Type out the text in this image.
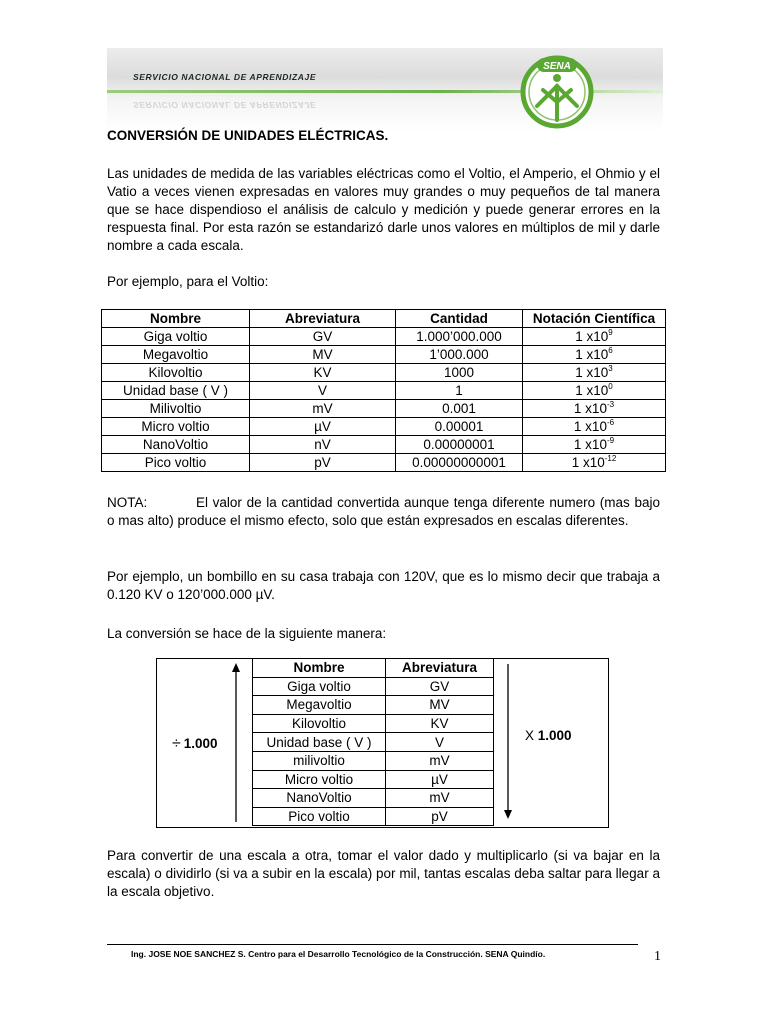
SERVICIO NACIONAL DE APRENDIZAJE
SERVICIO NACIONAL DE APRENDIZAJE
SENA
CONVERSIÓN DE UNIDADES ELÉCTRICAS.
Las unidades de medida de las variables eléctricas como el Voltio, el Amperio, el Ohmio y el Vatio a veces vienen expresadas en valores muy grandes o muy pequeños de tal manera que se hace dispendioso el análisis de calculo y medición y puede generar errores en la respuesta final. Por esta razón se estandarizó darle unos valores en múltiplos de mil y darle nombre a cada escala.
Por ejemplo, para el Voltio:
Nombre	Abreviatura	Cantidad	Notación Científica
Giga voltio	GV	1.000’000.000	1 $x10^9$
Megavoltio	MV	1’000.000	1 $x10^6$
Kilovoltio	KV	1000	1 $x10^3$
Unidad base ( V )	V	1	1 $x10^0$
Milivoltio	mV	0.001	1 $x10^{-3}$
Micro voltio	µV	0.00001	1 $x10^{-6}$
NanoVoltio	nV	0.00000001	1 $x10^{-9}$
Pico voltio	pV	0.00000000001	1 $x10^{-12}$
NOTA:	El valor de la cantidad convertida aunque tenga diferente numero (mas bajo o mas alto) produce el mismo efecto, solo que están expresados en escalas diferentes.
Por ejemplo, un bombillo en su casa trabaja con 120V, que es lo mismo decir que trabaja a 0.120 KV o 120’000.000 µV.
La conversión se hace de la siguiente manera:
÷ 1.000
X 1.000
Nombre	Abreviatura
Giga voltio	GV
Megavoltio	MV
Kilovoltio	KV
Unidad base ( V )	V
milivoltio	mV
Micro voltio	µV
NanoVoltio	mV
Pico voltio	pV
Para convertir de una escala a otra, tomar el valor dado y multiplicarlo (si va bajar en la escala) o dividirlo (si va a subir en la escala) por mil, tantas escalas deba saltar para llegar a la escala objetivo.
Ing. JOSE NOE SANCHEZ S. Centro para el Desarrollo Tecnológico de la Construcción. SENA Quindío.	1
